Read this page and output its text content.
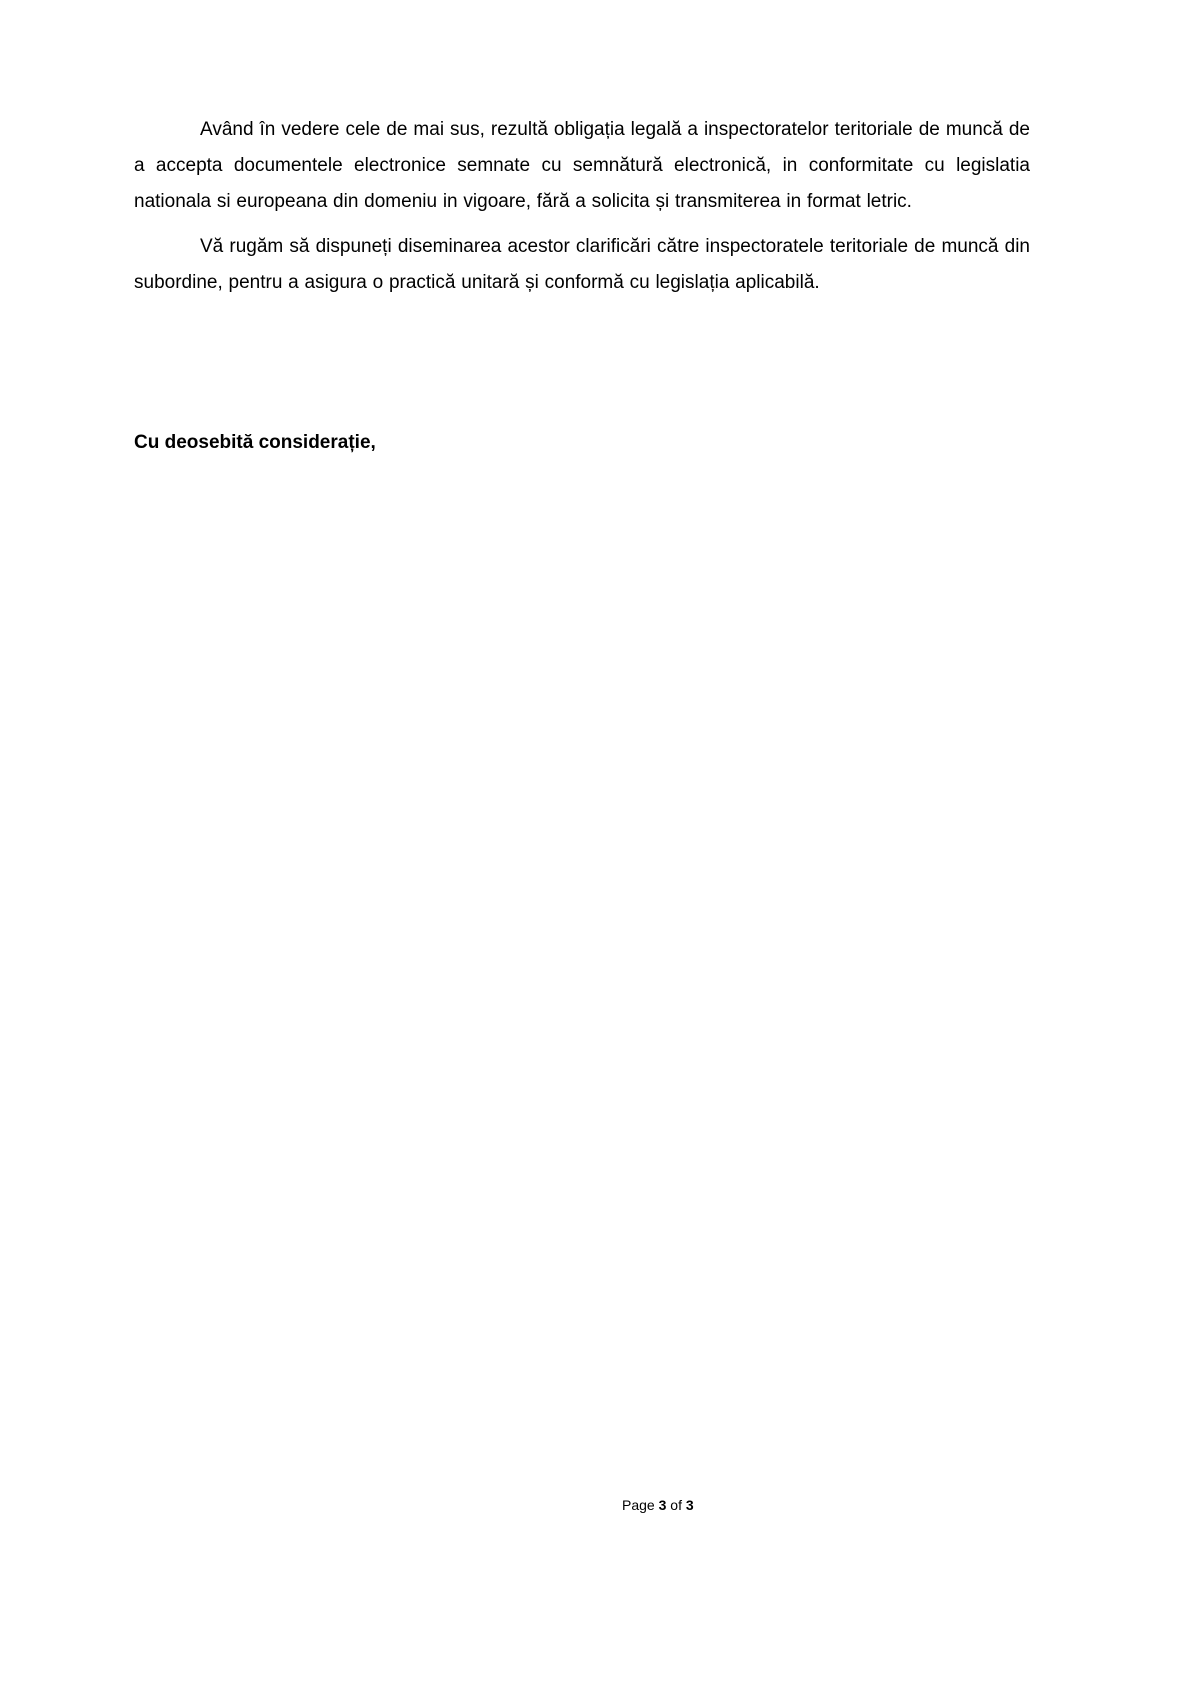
Având în vedere cele de mai sus, rezultă obligația legală a inspectoratelor teritoriale de muncă de a accepta documentele electronice semnate cu semnătură electronică, in conformitate cu legislatia nationala si europeana din domeniu in vigoare, fără a solicita și transmiterea in format letric.

Vă rugăm să dispuneți diseminarea acestor clarificări către inspectoratele teritoriale de muncă din subordine, pentru a asigura o practică unitară și conformă cu legislația aplicabilă.

Cu deosebită considerație,

Page 3 of 3
